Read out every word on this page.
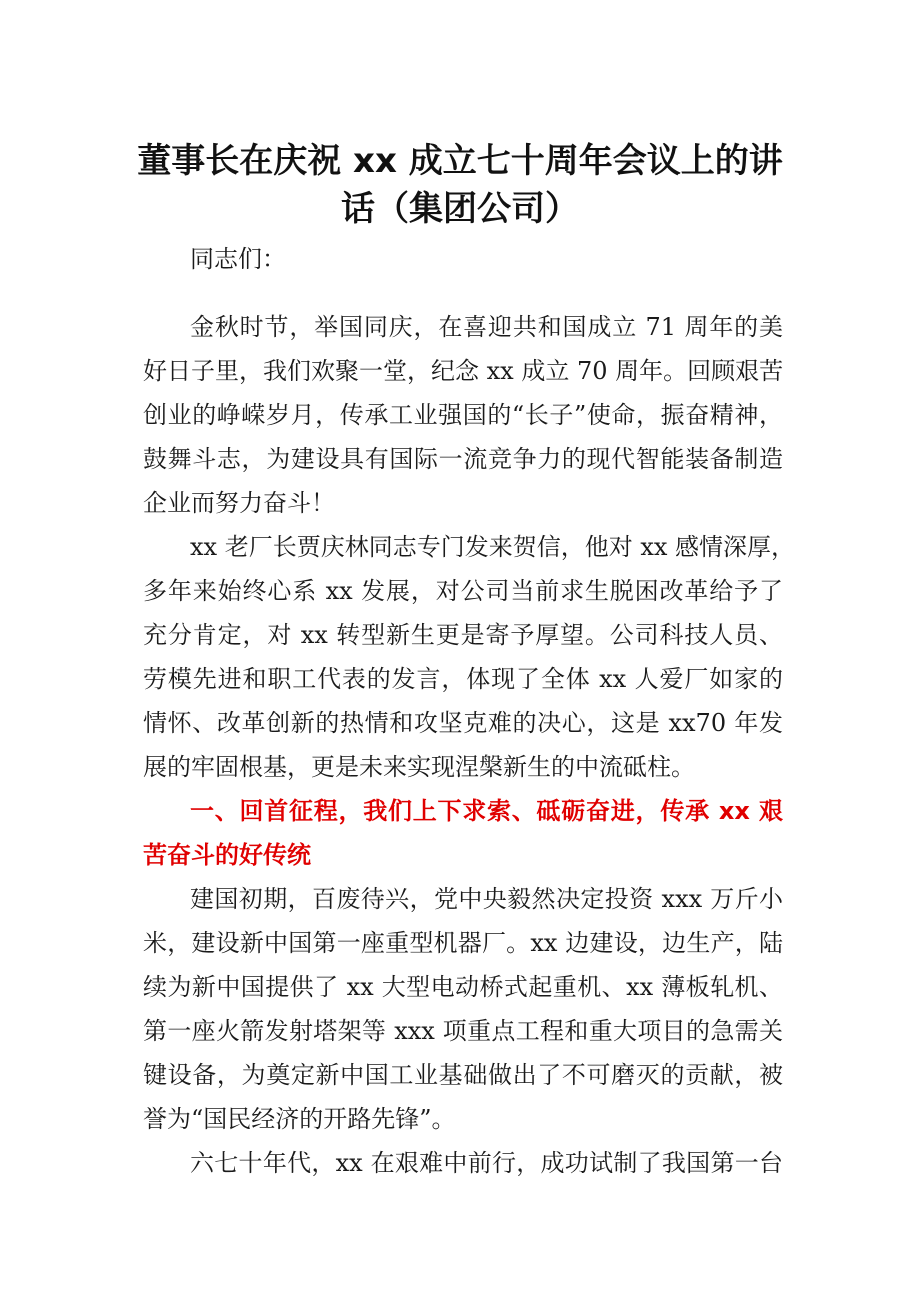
董事长在庆祝 xx 成立七十周年会议上的讲
话（集团公司）

同志们：

金秋时节，举国同庆，在喜迎共和国成立 71 周年的美

好日子里，我们欢聚一堂，纪念 xx 成立 70 周年。回顾艰苦

创业的峥嵘岁月，传承工业强国的“长子”使命，振奋精神，

鼓舞斗志，为建设具有国际一流竞争力的现代智能装备制造

企业而努力奋斗！

xx 老厂长贾庆林同志专门发来贺信，他对 xx 感情深厚，

多年来始终心系 xx 发展，对公司当前求生脱困改革给予了

充分肯定，对 xx 转型新生更是寄予厚望。公司科技人员、

劳模先进和职工代表的发言，体现了全体 xx 人爱厂如家的

情怀、改革创新的热情和攻坚克难的决心，这是 xx70 年发

展的牢固根基，更是未来实现涅槃新生的中流砥柱。

一、回首征程，我们上下求索、砥砺奋进，传承 xx 艰

苦奋斗的好传统

建国初期，百废待兴，党中央毅然决定投资 xxx 万斤小

米，建设新中国第一座重型机器厂。xx 边建设，边生产，陆

续为新中国提供了 xx 大型电动桥式起重机、xx 薄板轧机、

第一座火箭发射塔架等 xxx 项重点工程和重大项目的急需关

键设备，为奠定新中国工业基础做出了不可磨灭的贡献，被

誉为“国民经济的开路先锋”。

六七十年代，xx 在艰难中前行，成功试制了我国第一台
